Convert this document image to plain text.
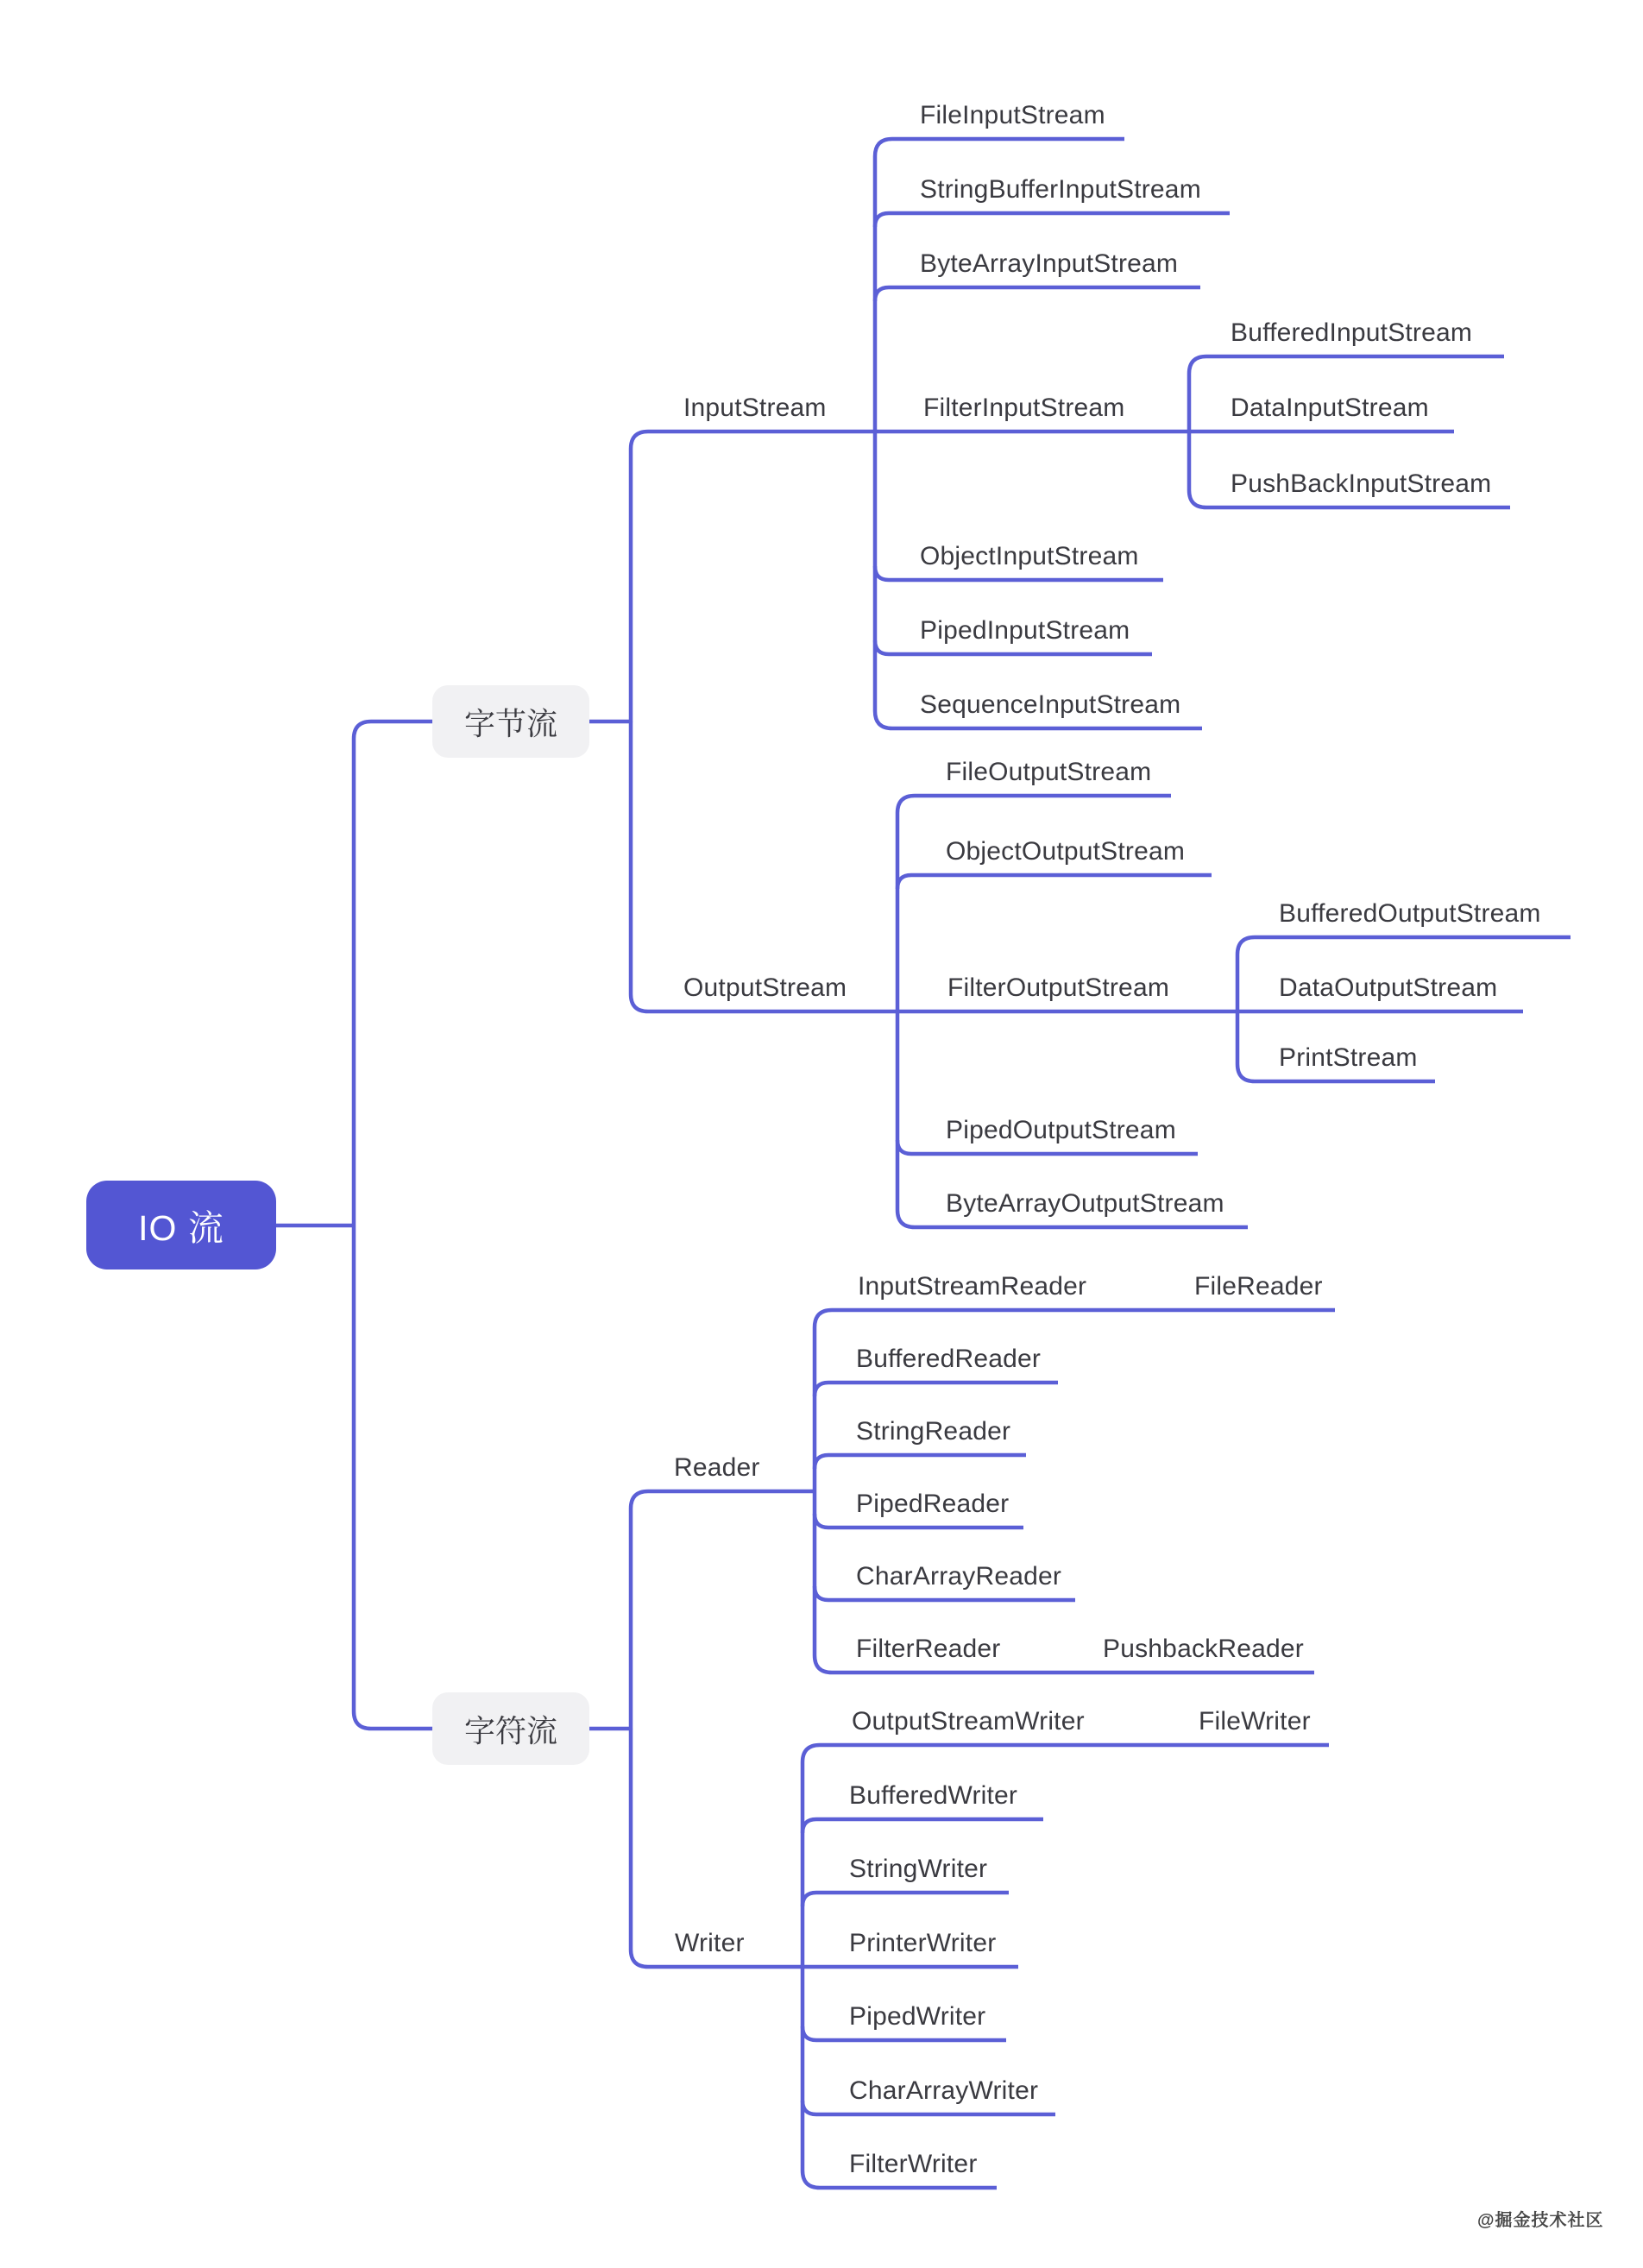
IO 流
字节流
字符流
InputStream
FileInputStream
StringBufferInputStream
ByteArrayInputStream
FilterInputStream
BufferedInputStream
DataInputStream
PushBackInputStream
ObjectInputStream
PipedInputStream
SequenceInputStream
OutputStream
FileOutputStream
ObjectOutputStream
FilterOutputStream
BufferedOutputStream
DataOutputStream
PrintStream
PipedOutputStream
ByteArrayOutputStream
Reader
InputStreamReader	FileReader
BufferedReader
StringReader
PipedReader
CharArrayReader
FilterReader	PushbackReader
Writer
OutputStreamWriter	FileWriter
BufferedWriter
StringWriter
PrinterWriter
PipedWriter
CharArrayWriter
FilterWriter
@掘金技术社区
